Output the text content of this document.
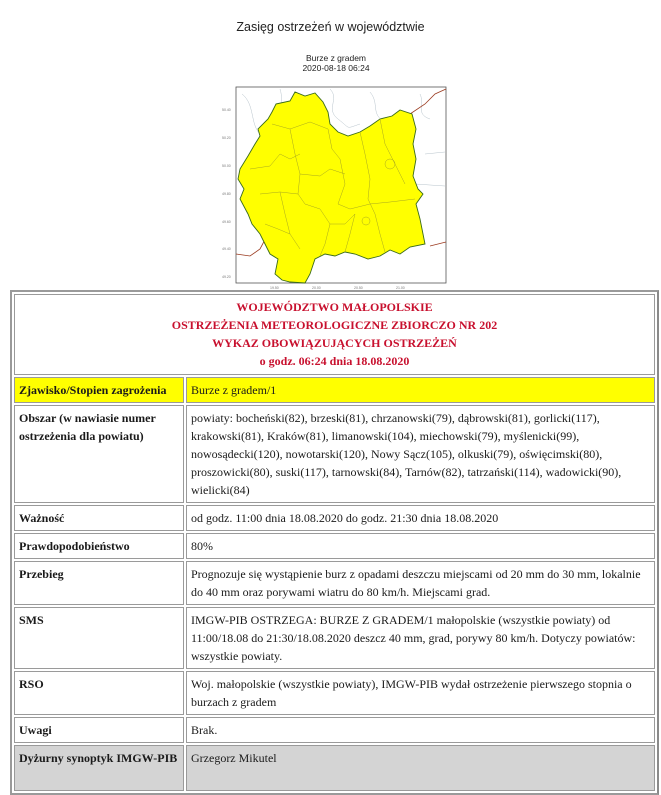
Zasięg ostrzeżeń w województwie
Burze z gradem
2020-08-18 06:24
50.40
50.20
50.00
49.80
49.60
49.40
49.20
19.50	20.00	20.50	21.00
WOJEWÓDZTWO MAŁOPOLSKIE
OSTRZEŻENIA METEOROLOGICZNE ZBIORCZO NR 202
WYKAZ OBOWIĄZUJĄCYCH OSTRZEŻEŃ
o godz. 06:24 dnia 18.08.2020	

Zjawisko/Stopien zagrożenia	Burze z gradem/1
Obszar (w nawiasie numer ostrzeżenia dla powiatu)	powiaty: bocheński(82), brzeski(81), chrzanowski(79), dąbrowski(81), gorlicki(117), krakowski(81), Kraków(81), limanowski(104), miechowski(79), myślenicki(99), nowosądecki(120), nowotarski(120), Nowy Sącz(105), olkuski(79), oświęcimski(80), proszowicki(80), suski(117), tarnowski(84), Tarnów(82), tatrzański(114), wadowicki(90), wielicki(84)
Ważność	od godz. 11:00 dnia 18.08.2020 do godz. 21:30 dnia 18.08.2020
Prawdopodobieństwo	80%
Przebieg	Prognozuje się wystąpienie burz z opadami deszczu miejscami od 20 mm do 30 mm, lokalnie do 40 mm oraz porywami wiatru do 80 km/h. Miejscami grad.
SMS	IMGW-PIB OSTRZEGA: BURZE Z GRADEM/1 małopolskie (wszystkie powiaty) od 11:00/18.08 do 21:30/18.08.2020 deszcz 40 mm, grad, porywy 80 km/h. Dotyczy powiatów: wszystkie powiaty.
RSO	Woj. małopolskie (wszystkie powiaty), IMGW-PIB wydał ostrzeżenie pierwszego stopnia o burzach z gradem
Uwagi	Brak.
Dyżurny synoptyk IMGW-PIB	Grzegorz Mikutel
